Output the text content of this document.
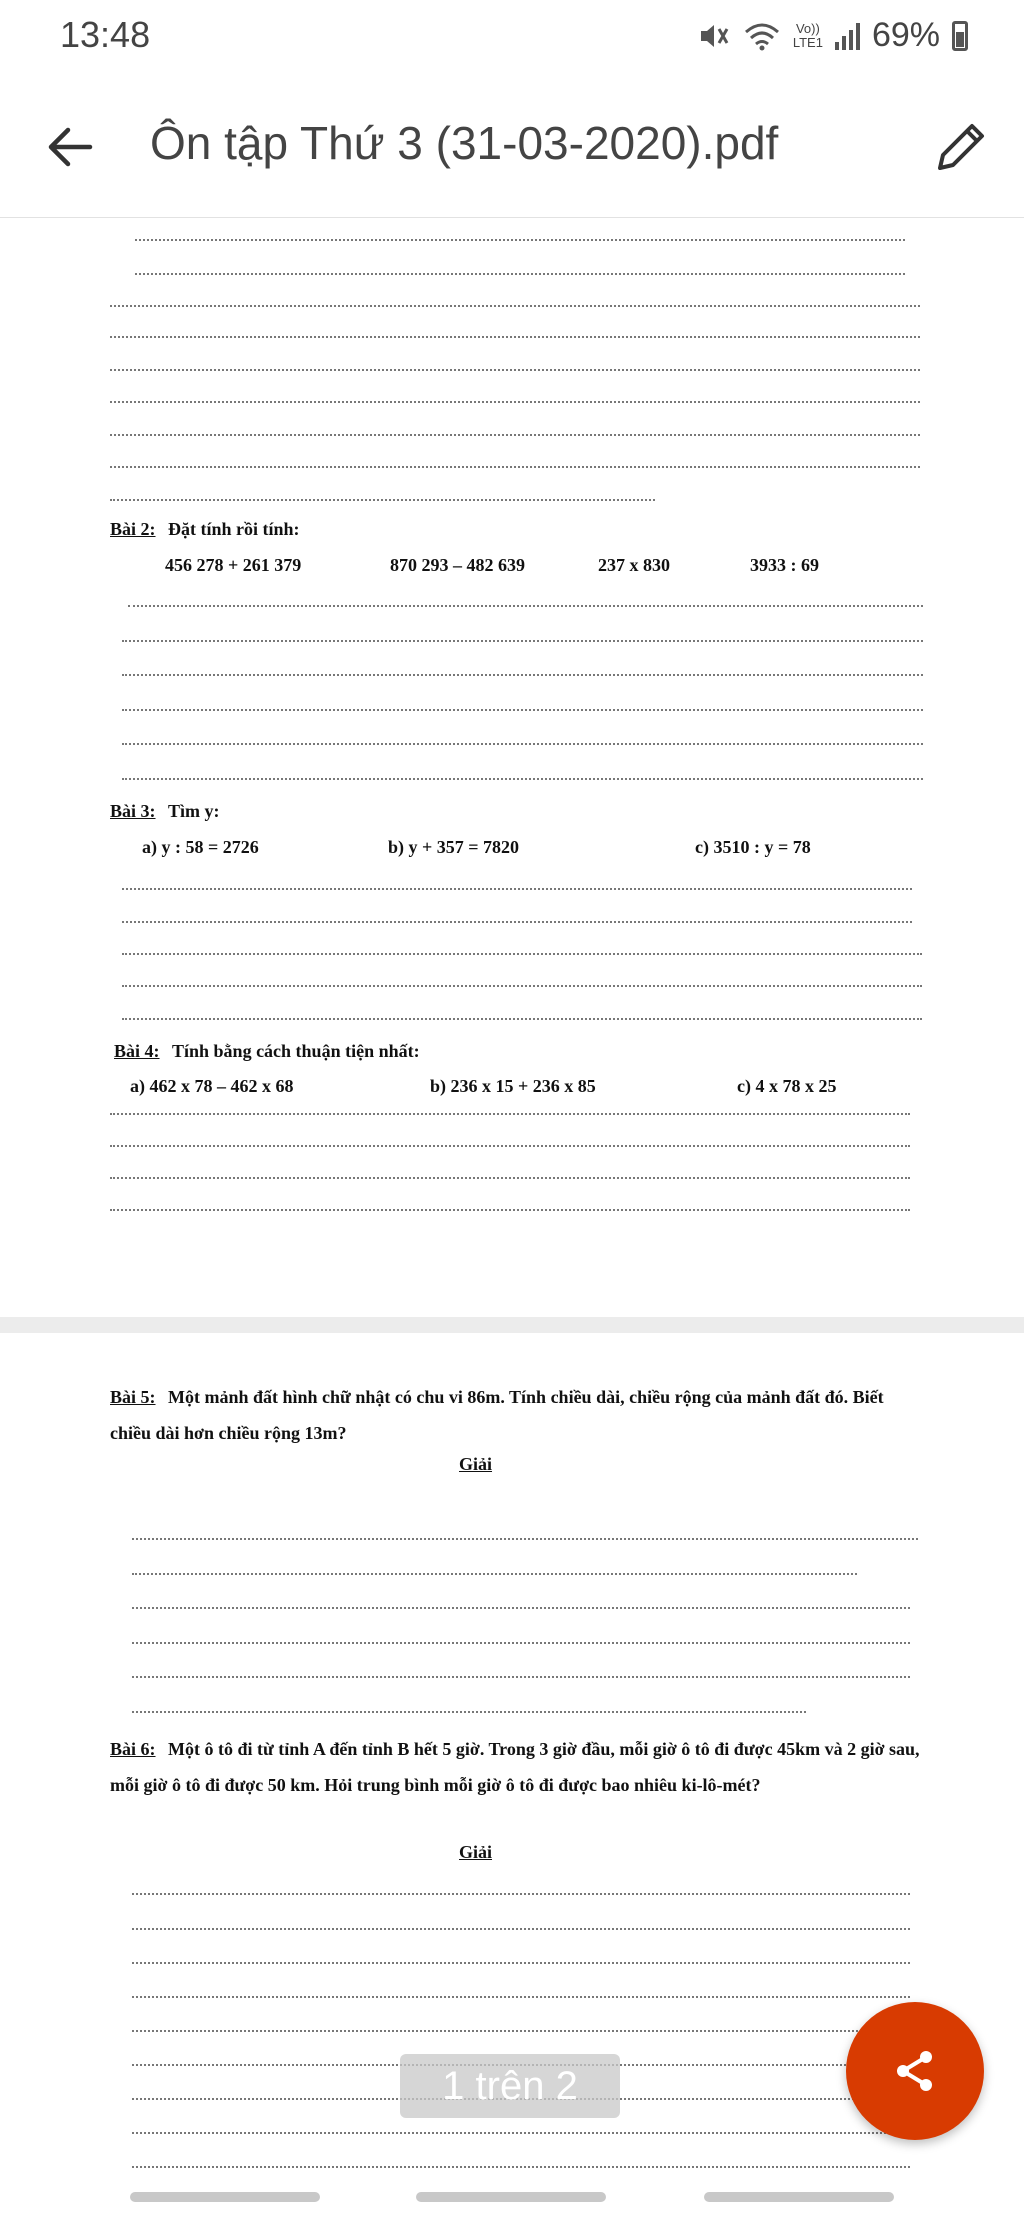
13:48	Vo))
LTE1 69%
Ôn tập Thứ 3 (31-03-2020).pdf
Bài 2: Đặt tính rồi tính:
456 278 + 261 379	870 293 – 482 639	237 x 830	3933 : 69
Bài 3: Tìm y:
a) y : 58 = 2726	b) y + 357 = 7820	c) 3510 : y = 78
Bài 4: Tính bằng cách thuận tiện nhất:
a) 462 x 78 – 462 x 68	b) 236 x 15 + 236 x 85	c) 4 x 78 x 25
Bài 5: Một mảnh đất hình chữ nhật có chu vi 86m. Tính chiều dài, chiều rộng của mảnh đất đó. Biết chiều dài hơn chiều rộng 13m?
Giải
Bài 6: Một ô tô đi từ tỉnh A đến tỉnh B hết 5 giờ. Trong 3 giờ đầu, mỗi giờ ô tô đi được 45km và 2 giờ sau, mỗi giờ ô tô đi được 50 km. Hỏi trung bình mỗi giờ ô tô đi được bao nhiêu ki-lô-mét?
Giải
1 trên 2
